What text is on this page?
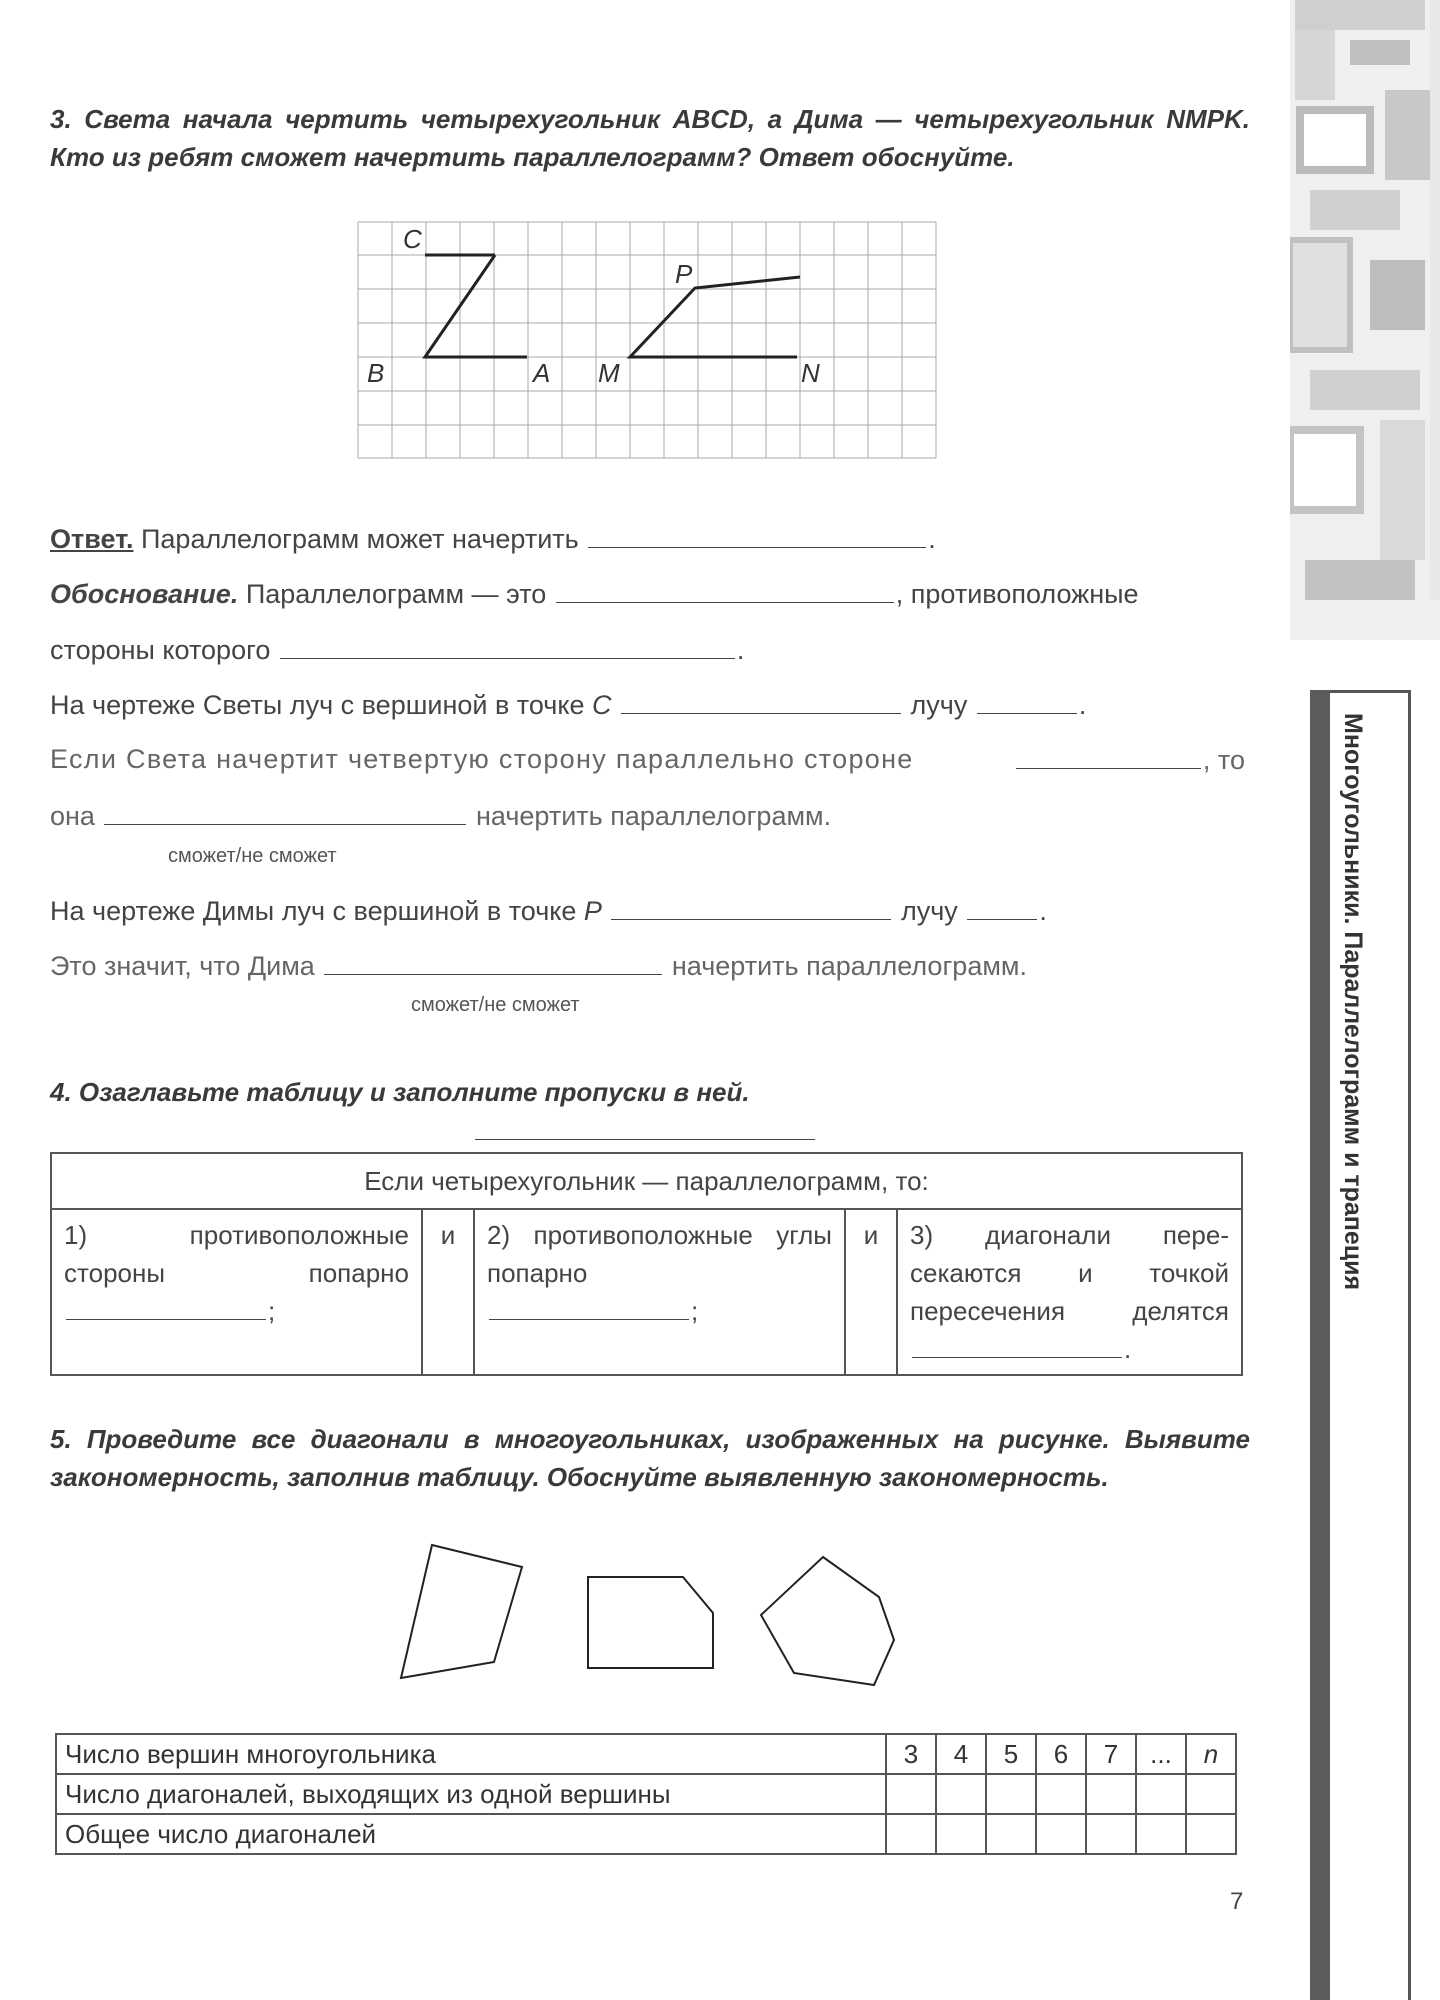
3. Света начала чертить четырехугольник ABCD, а Дима — четырехугольник NMPK. Кто из ребят сможет начертить параллелограмм? Ответ обоснуйте.
C
P
B	A M	N
Ответ. Параллелограмм может начертить	.
Обоснование. Параллелограмм — это	, противоположные
стороны которого	.
На чертеже Светы луч с вершиной в точке C	лучу	.
Если Света начертит четвертую сторону параллельно стороне	, то
она	начертить параллелограмм.
сможет/не сможет
На чертеже Димы луч с вершиной в точке P	лучу	.
Это значит, что Дима	начертить параллелограмм.
сможет/не сможет
4. Озаглавьте таблицу и заполните пропуски в ней.
Если четырехугольник — параллелограмм, то:

1) противоположные стороны попарно
;
	и	2) противоположные углы попарно
;
	и	3) диагонали пересекаются и точкой пересечения делятся
.
5. Проведите все диагонали в многоугольниках, изображенных на рисунке. Выявите закономерность, заполнив таблицу. Обоснуйте выявленную закономерность.
Число вершин многоугольника	3	4	5	6	7	...	n
Число диагоналей, выходящих из одной вершины							
Общее число диагоналей							
7
Многоугольники. Параллелограмм и трапеция
